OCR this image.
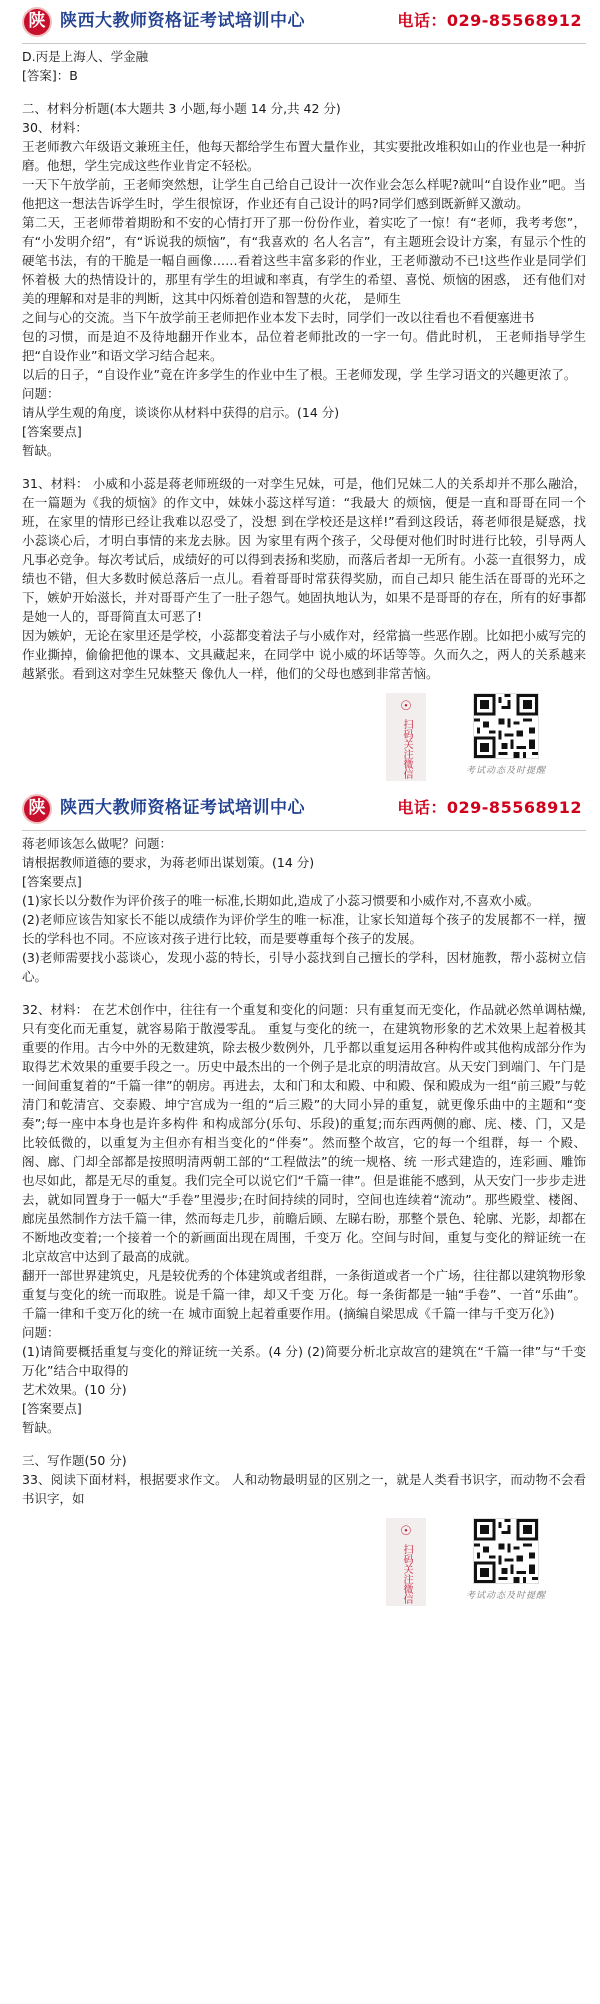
陕 陕西大教师资格证考试培训中心	电话：029-85568912

D.丙是上海人、学金融

[答案]：B

二、材料分析题(本大题共 3 小题,每小题 14 分,共 42 分)

30、材料：

王老师教六年级语文兼班主任，他每天都给学生布置大量作业，其实要批改堆积如山的作业也是一种折磨。他想，学生完成这些作业肯定不轻松。

一天下午放学前，王老师突然想，让学生自己给自己设计一次作业会怎么样呢?就叫“自设作业”吧。当他把这一想法告诉学生时，学生很惊讶，作业还有自己设计的吗?同学们感到既新鲜又激动。

第二天，王老师带着期盼和不安的心情打开了那一份份作业，着实吃了一惊！有“老师，我考考您”，有“小发明介绍”，有“诉说我的烦恼”，有“我喜欢的 名人名言”，有主题班会设计方案，有显示个性的硬笔书法，有的干脆是一幅自画像……看着这些丰富多彩的作业，王老师激动不已!这些作业是同学们怀着极 大的热情设计的，那里有学生的坦诚和率真，有学生的希望、喜悦、烦恼的困惑， 还有他们对美的理解和对是非的判断，这其中闪烁着创造和智慧的火花， 是师生

之间与心的交流。当下午放学前王老师把作业本发下去时，同学们一改以往看也不看便塞进书

包的习惯，而是迫不及待地翻开作业本，品位着老师批改的一字一句。借此时机， 王老师指导学生把“自设作业”和语文学习结合起来。

以后的日子，“自设作业”竟在许多学生的作业中生了根。王老师发现，学 生学习语文的兴趣更浓了。

问题：

请从学生观的角度，谈谈你从材料中获得的启示。(14 分)

[答案要点]

暂缺。

31、材料： 小威和小蕊是蒋老师班级的一对孪生兄妹，可是，他们兄妹二人的关系却并不那么融洽，在一篇题为《我的烦恼》的作文中，妹妹小蕊这样写道：“我最大 的烦恼，便是一直和哥哥在同一个班，在家里的情形已经让我难以忍受了，没想 到在学校还是这样!”看到这段话，蒋老师很是疑惑，找小蕊谈心后，才明白事情的来龙去脉。因 为家里有两个孩子，父母便对他们时时进行比较，引导两人凡事必竞争。每次考试后，成绩好的可以得到表扬和奖励，而落后者却一无所有。小蕊一直很努力，成绩也不错，但大多数时候总落后一点儿。看着哥哥时常获得奖励，而自己却只 能生活在哥哥的光环之下，嫉妒开始滋长，并对哥哥产生了一肚子怨气。她固执地认为，如果不是哥哥的存在，所有的好事都是她一人的，哥哥简直太可恶了!

因为嫉妒，无论在家里还是学校，小蕊都变着法子与小威作对，经常搞一些恶作剧。比如把小威写完的作业撕掉，偷偷把他的课本、文具藏起来，在同学中 说小威的坏话等等。久而久之，两人的关系越来越紧张。看到这对孪生兄妹整天 像仇人一样，他们的父母也感到非常苦恼。

☉
扫码关注微信	考试动态及时提醒
陕 陕西大教师资格证考试培训中心	电话：029-85568912

蒋老师该怎么做呢？问题：

请根据教师道德的要求，为蒋老师出谋划策。(14 分)

[答案要点]

(1)家长以分数作为评价孩子的唯一标准,长期如此,造成了小蕊习惯要和小威作对,不喜欢小威。

(2)老师应该告知家长不能以成绩作为评价学生的唯一标准，让家长知道每个孩子的发展都不一样，擅长的学科也不同。不应该对孩子进行比较，而是要尊重每个孩子的发展。

(3)老师需要找小蕊谈心，发现小蕊的特长，引导小蕊找到自己擅长的学科，因材施教，帮小蕊树立信心。

32、材料： 在艺术创作中，往往有一个重复和变化的问题：只有重复而无变化，作品就必然单调枯燥,只有变化而无重复，就容易陷于散漫零乱。 重复与变化的统一，在建筑物形象的艺术效果上起着极其重要的作用。古今中外的无数建筑，除去极少数例外，几乎都以重复运用各种构件或其他构成部分作为取得艺术效果的重要手段之一。历史中最杰出的一个例子是北京的明清故宫。从天安门到端门、午门是一间间重复着的“千篇一律”的朝房。再进去，太和门和太和殿、中和殿、保和殿成为一组“前三殿”与乾清门和乾清宫、交泰殿、坤宁宫成为一组的“后三殿”的大同小异的重复，就更像乐曲中的主题和“变奏”;每一座中本身也是许多构件 和构成部分(乐句、乐段)的重复;而东西两侧的廊、庑、楼、门，又是比较低微的，以重复为主但亦有相当变化的“伴奏”。然而整个故宫，它的每一个组群，每一 个殿、阁、廊、门却全部都是按照明清两朝工部的“工程做法”的统一规格、统 一形式建造的，连彩画、雕饰也尽如此，都是无尽的重复。我们完全可以说它们“千篇一律”。但是谁能不感到，从天安门一步步走进去，就如同置身于一幅大“手卷”里漫步;在时间持续的同时，空间也连续着“流动”。那些殿堂、楼阁、廊庑虽然制作方法千篇一律，然而每走几步，前瞻后顾、左睇右盼，那整个景色、轮廓、光影，却都在不断地改变着;一个接着一个的新画面出现在周围，千变万 化。空间与时间，重复与变化的辩证统一在北京故宫中达到了最高的成就。

翻开一部世界建筑史，凡是较优秀的个体建筑或者组群，一条街道或者一个广场，往往都以建筑物形象重复与变化的统一而取胜。说是千篇一律，却又千变 万化。每一条街都是一轴“手卷”、一首“乐曲”。千篇一律和千变万化的统一在 城市面貌上起着重要作用。(摘编自梁思成《千篇一律与千变万化》)

问题：

(1)请简要概括重复与变化的辩证统一关系。(4 分) (2)简要分析北京故宫的建筑在“千篇一律”与“千变万化”结合中取得的

艺术效果。(10 分)

[答案要点]

暂缺。

三、写作题(50 分)

33、阅读下面材料，根据要求作文。 人和动物最明显的区别之一，就是人类看书识字，而动物不会看书识字，如

☉
扫码关注微信	考试动态及时提醒
